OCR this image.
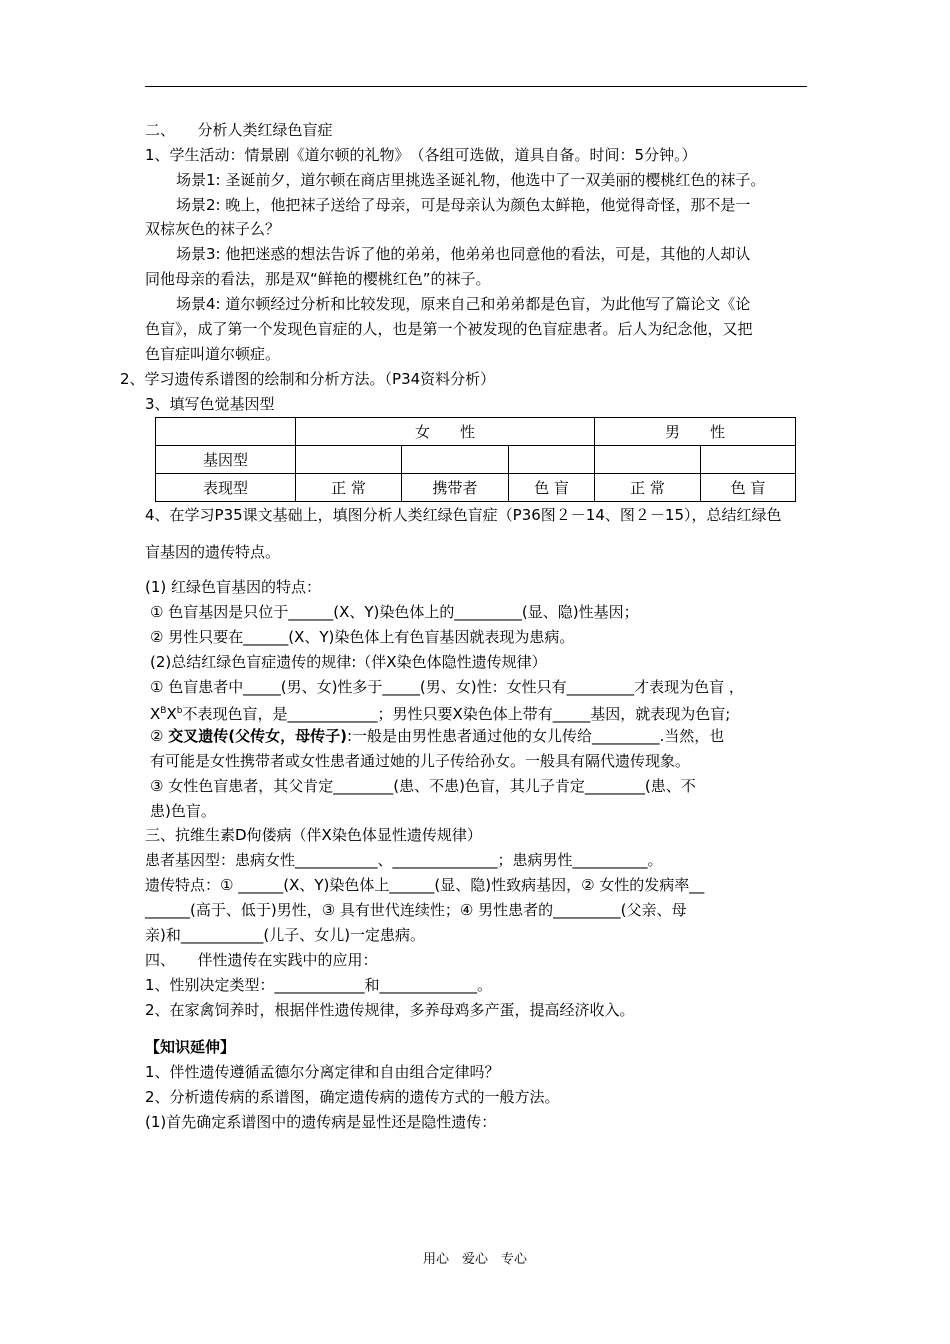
二、　　分析人类红绿色盲症
1、学生活动：情景剧《道尔顿的礼物》　（各组可选做，道具自备。时间：5分钟。）
场景1: 圣诞前夕，道尔顿在商店里挑选圣诞礼物，他选中了一双美丽的樱桃红色的袜子。
场景2: 晚上，他把袜子送给了母亲，可是母亲认为颜色太鲜艳，他觉得奇怪，那不是一
双棕灰色的袜子么？
场景3: 他把迷惑的想法告诉了他的弟弟，他弟弟也同意他的看法，可是，其他的人却认
同他母亲的看法，那是双“鲜艳的樱桃红色”的袜子。
场景4: 道尔顿经过分析和比较发现，原来自己和弟弟都是色盲，为此他写了篇论文《论
色盲》，成了第一个发现色盲症的人，也是第一个被发现的色盲症患者。后人为纪念他，又把
色盲症叫道尔顿症。
2、学习遗传系谱图的绘制和分析方法。（P34资料分析）
3、填写色觉基因型
	女　　性			男　　性	
基因型					
表现型	正 常	携带者	色 盲	正 常	色 盲
4、在学习P35课文基础上，填图分析人类红绿色盲症（P36图２－14、图２－15），总结红绿色
盲基因的遗传特点。
(1) 红绿色盲基因的特点：
① 色盲基因是只位于______(X、Y)染色体上的_________(显、隐)性基因；
② 男性只要在______(X、Y)染色体上有色盲基因就表现为患病。
(2)总结红绿色盲症遗传的规律:（伴X染色体隐性遗传规律）
① 色盲患者中_____(男、女)性多于_____(男、女)性：女性只有_________才表现为色盲 ，
$X^BX^b$不表现色盲，是____________；男性只要X染色体上带有_____基因，就表现为色盲;
② 交叉遗传(父传女，母传子):一般是由男性患者通过他的女儿传给_________.当然，也
有可能是女性携带者或女性患者通过她的儿子传给孙女。一般具有隔代遗传现象。
③ 女性色盲患者，其父肯定________(患、不患)色盲，其儿子肯定________(患、不
患)色盲。
三、抗维生素D佝偻病（伴X染色体显性遗传规律）
患者基因型：患病女性___________、______________；患病男性__________。
遗传特点：① ______(X、Y)染色体上______(显、隐)性致病基因，② 女性的发病率__
______(高于、低于)男性，③ 具有世代连续性；④ 男性患者的_________(父亲、母
亲)和___________(儿子、女儿)一定患病。
四、　　伴性遗传在实践中的应用：
1、性别决定类型：____________和_____________。
2、在家禽饲养时，根据伴性遗传规律，多养母鸡多产蛋，提高经济收入。
【知识延伸】
1、伴性遗传遵循孟德尔分离定律和自由组合定律吗？
2、分析遗传病的系谱图，确定遗传病的遗传方式的一般方法。
(1)首先确定系谱图中的遗传病是显性还是隐性遗传：
用心　爱心　专心
